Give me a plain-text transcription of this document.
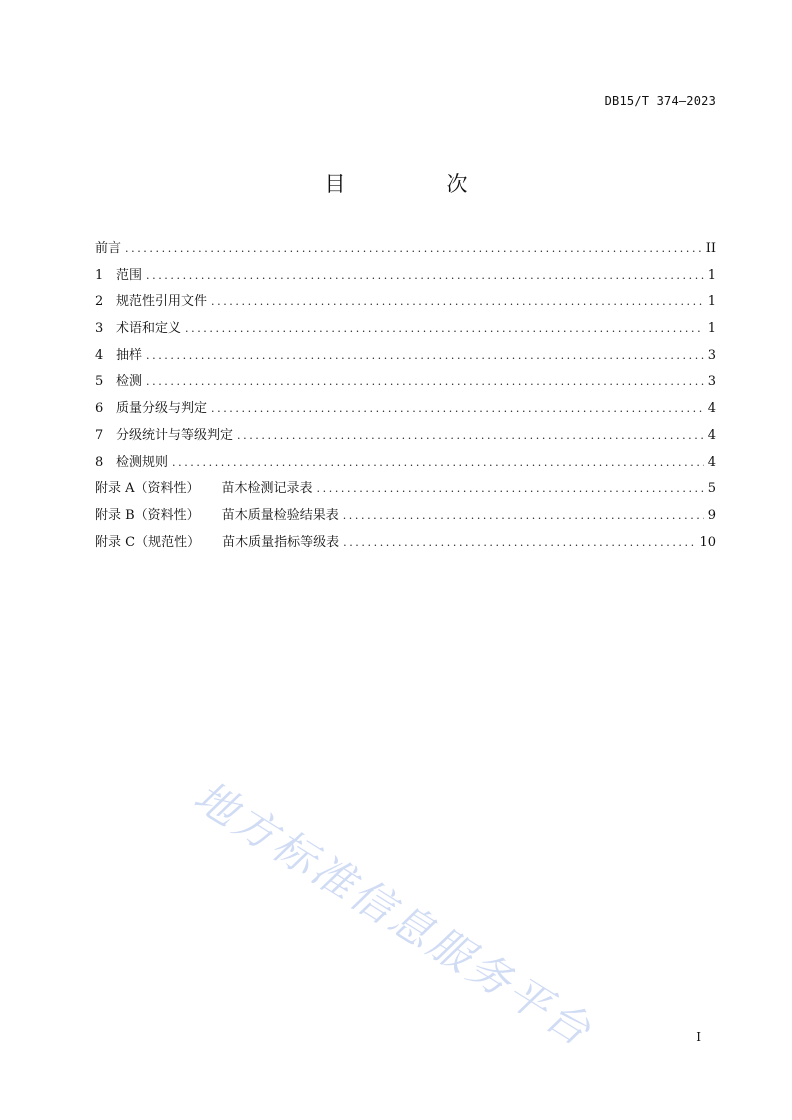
DB15/T 374—2023
目　次
前言 .....	II
1 范围 .....	1
2 规范性引用文件 .....	1
3 术语和定义 .....	1
4 抽样 .....	3
5 检测 .....	3
6 质量分级与判定 .....	4
7 分级统计与等级判定 .....	4
8 检测规则 .....	4
附录 A（资料性） 苗木检测记录表 .....	5
附录 B（资料性） 苗木质量检验结果表 .....	9
附录 C（规范性） 苗木质量指标等级表 .....	10
地方标准信息服务平台	I
